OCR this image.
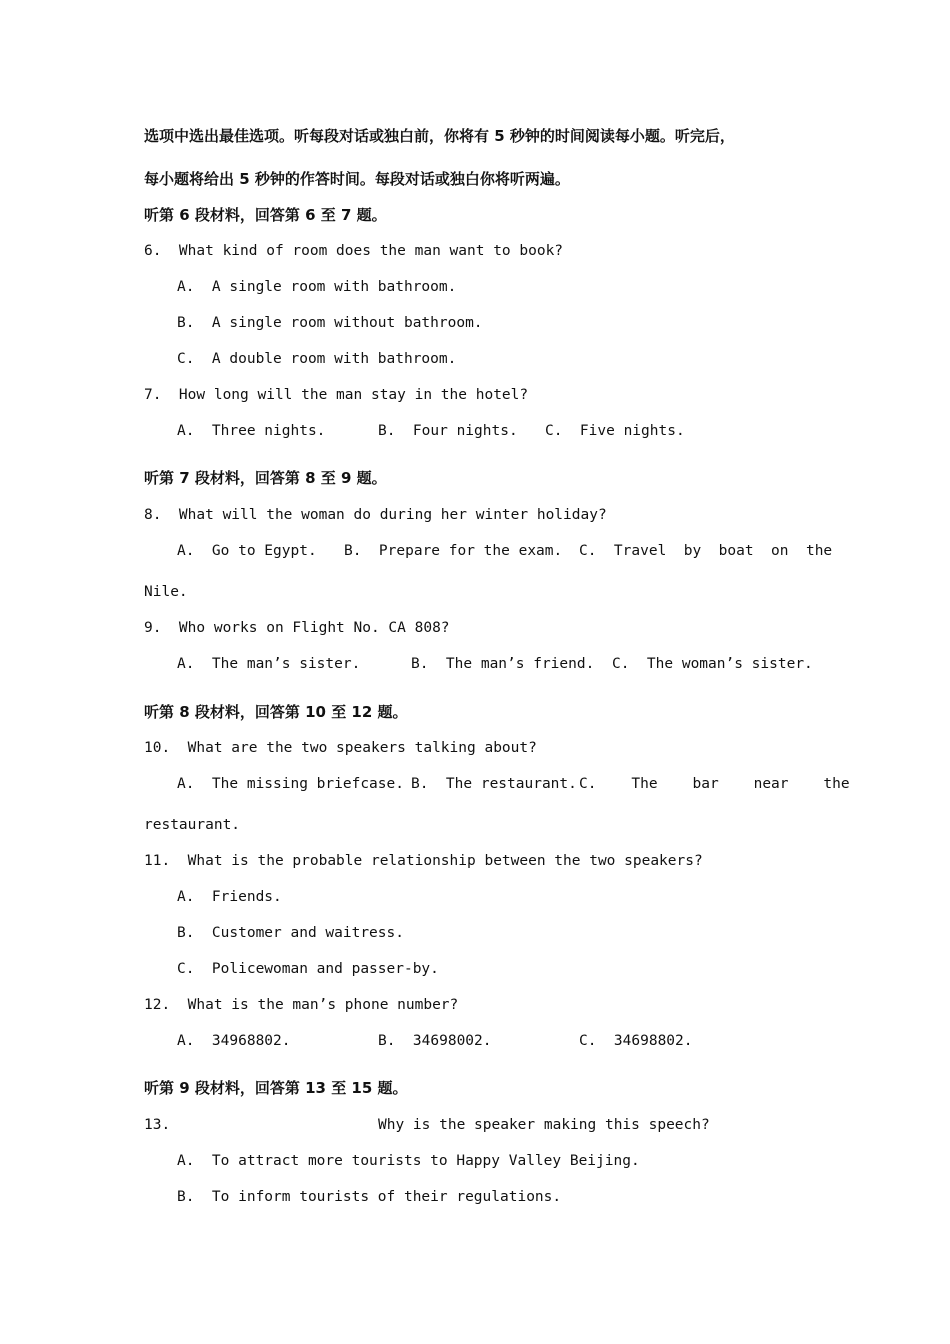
选项中选出最佳选项。听每段对话或独白前，你将有 5 秒钟的时间阅读每小题。听完后，
每小题将给出 5 秒钟的作答时间。每段对话或独白你将听两遍。
听第 6 段材料，回答第 6 至 7 题。
6.  What kind of room does the man want to book?
A.  A single room with bathroom.
B.  A single room without bathroom.
C.  A double room with bathroom.
7.  How long will the man stay in the hotel?
A.  Three nights.	B.  Four nights. C.  Five nights.
听第 7 段材料，回答第 8 至 9 题。
8.  What will the woman do during her winter holiday?
A.  Go to Egypt. B.  Prepare for the exam. C.  Travel  by  boat  on  the
Nile.
9.  Who works on Flight No. CA 808?
A.  The man’s sister.	B.  The man’s friend. C.  The woman’s sister.
听第 8 段材料，回答第 10 至 12 题。
10.  What are the two speakers talking about?
A.  The missing briefcase. B.  The restaurant. C.    The    bar    near    the
restaurant.
11.  What is the probable relationship between the two speakers?
A.  Friends.
B.  Customer and waitress.
C.  Policewoman and passer-by.
12.  What is the man’s phone number?
A.  34968802.	B.  34698002.	C.  34698802.
听第 9 段材料，回答第 13 至 15 题。
13.	Why is the speaker making this speech?
A.  To attract more tourists to Happy Valley Beijing.
B.  To inform tourists of their regulations.
